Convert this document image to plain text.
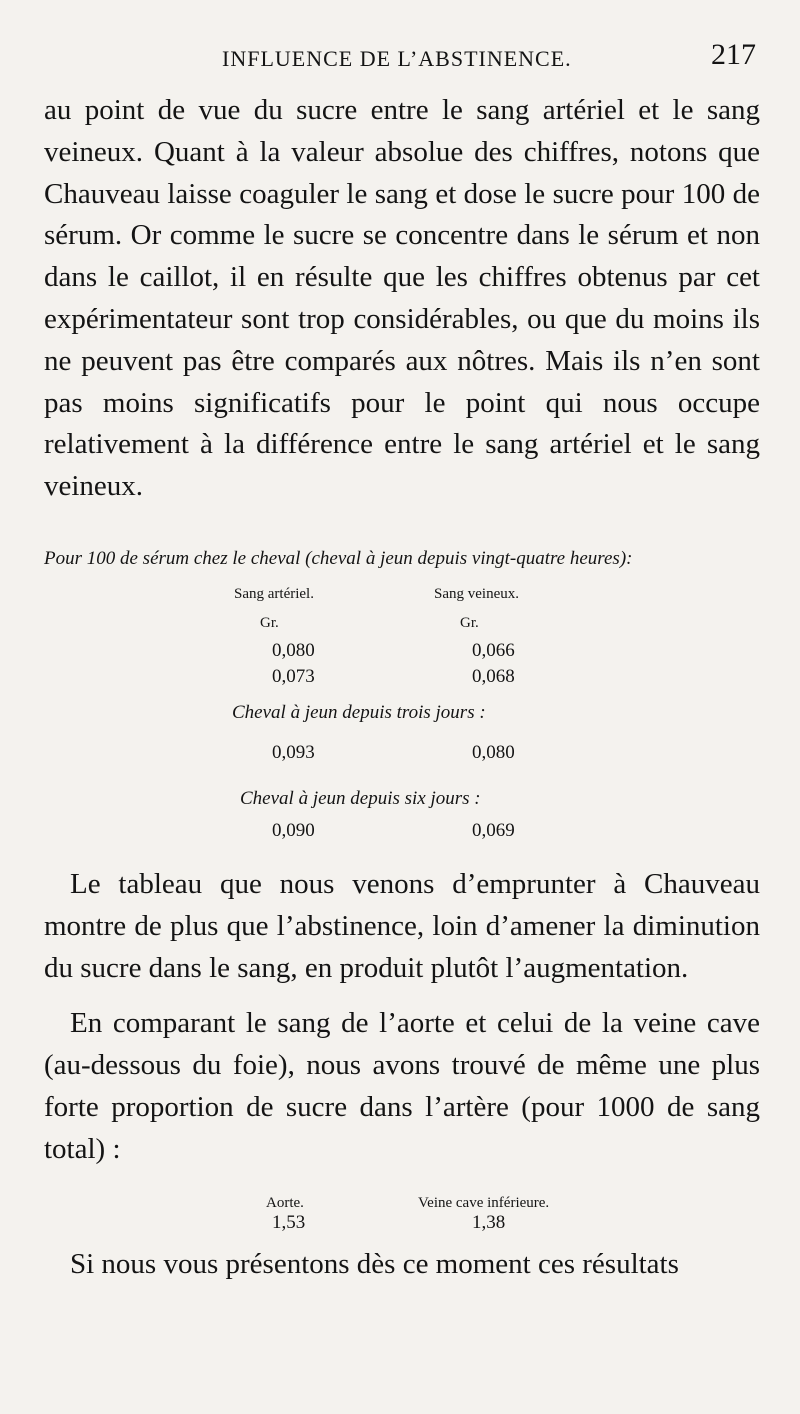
INFLUENCE DE L’ABSTINENCE.	217

au point de vue du sucre entre le sang artériel et le sang veineux. Quant à la valeur absolue des chiffres, notons que Chauveau laisse coaguler le sang et dose le sucre pour 100 de sérum. Or comme le sucre se concentre dans le sérum et non dans le caillot, il en résulte que les chiffres obtenus par cet expérimentateur sont trop considérables, ou que du moins ils ne peuvent pas être comparés aux nôtres. Mais ils n’en sont pas moins significatifs pour le point qui nous occupe relativement à la différence entre le sang artériel et le sang veineux.

Pour 100 de sérum chez le cheval (cheval à jeun depuis vingt-quatre heures):

Sang artériel.	Sang veineux.
Gr.	Gr.
0,080	0,066
0,073	0,068
Cheval à jeun depuis trois jours :
0,093	0,080
Cheval à jeun depuis six jours :
0,090	0,069

Le tableau que nous venons d’emprunter à Chauveau montre de plus que l’abstinence, loin d’amener la diminution du sucre dans le sang, en produit plutôt l’augmentation.

En comparant le sang de l’aorte et celui de la veine cave (au-dessous du foie), nous avons trouvé de même une plus forte proportion de sucre dans l’artère (pour 1000 de sang total) :

Aorte.	Veine cave inférieure.
1,53	1,38

Si nous vous présentons dès ce moment ces résultats
